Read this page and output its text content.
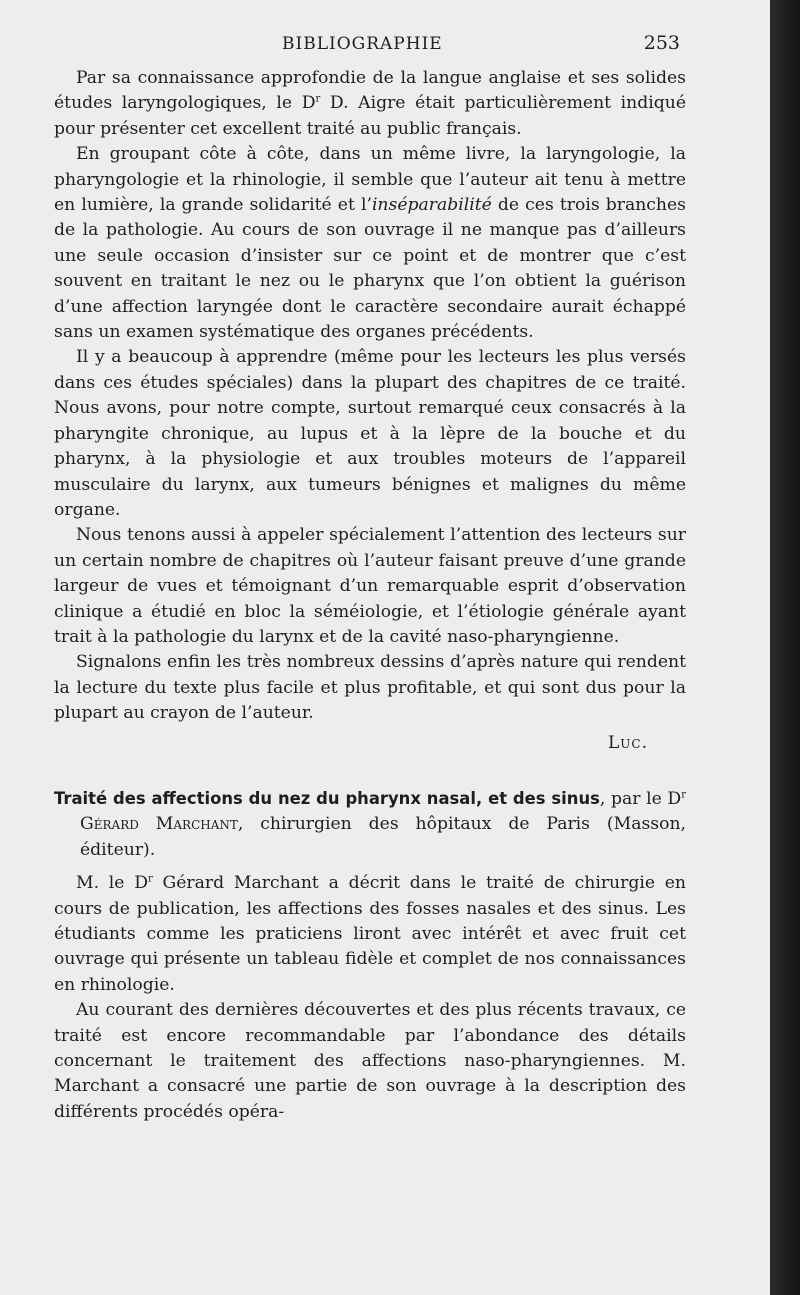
BIBLIOGRAPHIE	253

Par sa connaissance approfondie de la langue anglaise et ses solides études laryngologiques, le $D^r$ D. Aigre était particulièrement indiqué pour présenter cet excellent traité au public français.

En groupant côte à côte, dans un même livre, la laryngologie, la pharyngologie et la rhinologie, il semble que l’auteur ait tenu à mettre en lumière, la grande solidarité et l’inséparabilité de ces trois branches de la pathologie. Au cours de son ouvrage il ne manque pas d’ailleurs une seule occasion d’insister sur ce point et de montrer que c’est souvent en traitant le nez ou le pharynx que l’on obtient la guérison d’une affection laryngée dont le caractère secondaire aurait échappé sans un examen systématique des organes précédents.

Il y a beaucoup à apprendre (même pour les lecteurs les plus versés dans ces études spéciales) dans la plupart des chapitres de ce traité. Nous avons, pour notre compte, surtout remarqué ceux consacrés à la pharyngite chronique, au lupus et à la lèpre de la bouche et du pharynx, à la physiologie et aux troubles moteurs de l’appareil musculaire du larynx, aux tumeurs bénignes et malignes du même organe.

Nous tenons aussi à appeler spécialement l’attention des lecteurs sur un certain nombre de chapitres où l’auteur faisant preuve d’une grande largeur de vues et témoignant d’un remarquable esprit d’observation clinique a étudié en bloc la séméiologie, et l’étiologie générale ayant trait à la pathologie du larynx et de la cavité naso-pharyngienne.

Signalons enfin les très nombreux dessins d’après nature qui rendent la lecture du texte plus facile et plus profitable, et qui sont dus pour la plupart au crayon de l’auteur.

Luc.

Traité des affections du nez du pharynx nasal, et des sinus, par le $D^r$ Gérard Marchant, chirurgien des hôpitaux de Paris (Masson, éditeur).

M. le $D^r$ Gérard Marchant a décrit dans le traité de chirurgie en cours de publication, les affections des fosses nasales et des sinus. Les étudiants comme les praticiens liront avec intérêt et avec fruit cet ouvrage qui présente un tableau fidèle et complet de nos connaissances en rhinologie.

Au courant des dernières découvertes et des plus récents travaux, ce traité est encore recommandable par l’abondance des détails concernant le traitement des affections naso-pharyngiennes. M. Marchant a consacré une partie de son ouvrage à la description des différents procédés opéra-
